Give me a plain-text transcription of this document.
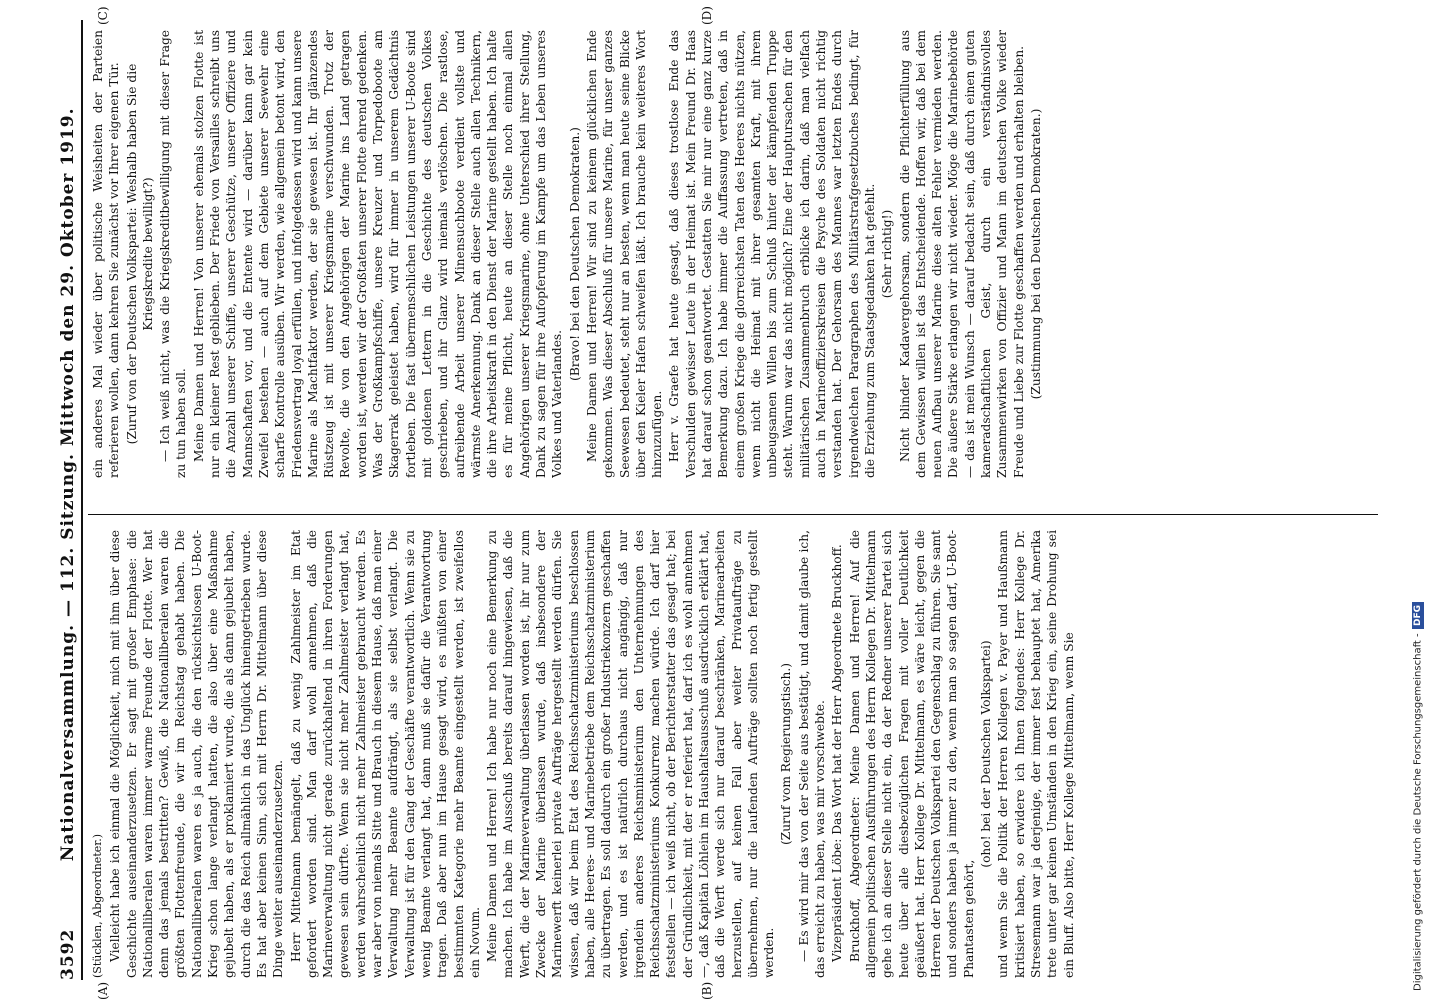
3592
Nationalversammlung. — 112. Sitzung. Mittwoch den 29. Oktober 1919.
(A)	(B)
(C)	(D)

(Stücklen, Abgeordneter.) Vielleicht habe ich einmal die Möglichkeit, mich mit ihm über diese Geschichte auseinanderzusetzen. Er sagt mit großer Emphase: die Nationalliberalen waren immer warme Freunde der Flotte. Wer hat denn das jemals bestritten? Gewiß, die Nationalliberalen waren die größten Flottenfreunde, die wir im Reichstag gehabt haben. Die Nationalliberalen waren es ja auch, die den rücksichtslosen U-Boot-Krieg schon lange verlangt hatten, die also über eine Maßnahme gejubelt haben, als er proklamiert wurde, die als dann gejubelt haben, durch die das Reich allmählich in das Unglück hineingetrieben wurde. Es hat aber keinen Sinn, sich mit Herrn Dr. Mittelmann über diese Dinge weiter auseinanderzusetzen. Herr Mittelmann bemängelt, daß zu wenig Zahlmeister im Etat gefordert worden sind. Man darf wohl annehmen, daß die Marineverwaltung nicht gerade zurückhaltend in ihren Forderungen gewesen sein dürfte. Wenn sie nicht mehr Zahlmeister verlangt hat, werden wahrscheinlich nicht mehr Zahlmeister gebraucht werden. Es war aber von niemals Sitte und Brauch in diesem Hause, daß man einer Verwaltung mehr Beamte aufdrängt, als sie selbst verlangt. Die Verwaltung ist für den Gang der Geschäfte verantwortlich. Wenn sie zu wenig Beamte verlangt hat, dann muß sie dafür die Verantwortung tragen. Daß aber nun im Hause gesagt wird, es müßten von einer bestimmten Kategorie mehr Beamte eingestellt werden, ist zweifellos ein Novum. Meine Damen und Herren! Ich habe nur noch eine Bemerkung zu machen. Ich habe im Ausschuß bereits darauf hingewiesen, daß die Werft, die der Marineverwaltung überlassen worden ist, ihr nur zum Zwecke der Marine überlassen wurde, daß insbesondere der Marinewerft keinerlei private Aufträge hergestellt werden dürfen. Sie wissen, daß wir beim Etat des Reichsschatzministeriums beschlossen haben, alle Heeres- und Marinebetriebe dem Reichsschatzministerium zu übertragen. Es soll dadurch ein großer Industriekonzern geschaffen werden, und es ist natürlich durchaus nicht angängig, daß nur irgendein anderes Reichsministerium den Unternehmungen des Reichsschatzministeriums Konkurrenz machen würde. Ich darf hier feststellen — ich weiß nicht, ob der Berichterstatter das gesagt hat; bei der Gründlichkeit, mit der er referiert hat, darf ich es wohl annehmen —, daß Kapitän Löhlein im Haushaltsausschuß ausdrücklich erklärt hat, daß die Werft werde sich nur darauf beschränken, Marinearbeiten herzustellen, auf keinen Fall aber weiter Privataufträge zu übernehmen, nur die laufenden Aufträge sollten noch fertig gestellt werden.

(Zuruf vom Regierungstisch.) — Es wird mir das von der Seite aus bestätigt, und damit glaube ich, das erreicht zu haben, was mir vorschwebte. Vizepräsident Löbe: Das Wort hat der Herr Abgeordnete Bruckhoff. Bruckhoff, Abgeordneter: Meine Damen und Herren! Auf die allgemein politischen Ausführungen des Herrn Kollegen Dr. Mittelmann gehe ich an dieser Stelle nicht ein, da der Redner unserer Partei sich heute über alle diesbezüglichen Fragen mit voller Deutlichkeit geäußert hat. Herr Kollege Dr. Mittelmann, es wäre leicht, gegen die Herren der Deutschen Volkspartei den Gegenschlag zu führen. Sie samt und sonders haben ja immer zu den, wenn man so sagen darf, U-Boot-Phantasten gehört,

(oho! bei der Deutschen Volkspartei) und wenn Sie die Politik der Herren Kollegen v. Payer und Haußmann kritisiert haben, so erwidere ich Ihnen folgendes: Herr Kollege Dr. Stresemann war ja derjenige, der immer fest behauptet hat, Amerika trete unter gar keinen Umständen in den Krieg ein, seine Drohung sei ein Bluff. Also bitte, Herr Kollege Mittelmann, wenn Sie

ein anderes Mal wieder über politische Weisheiten der Parteien referieren wollen, dann kehren Sie zunächst vor Ihrer eigenen Tür. (Zuruf von der Deutschen Volkspartei: Weshalb haben Sie die Kriegskredite bewilligt?) — Ich weiß nicht, was die Kriegskreditbewilligung mit dieser Frage zu tun haben soll. Meine Damen und Herren! Von unserer ehemals stolzen Flotte ist nur ein kleiner Rest geblieben. Der Friede von Versailles schreibt uns die Anzahl unserer Schiffe, unserer Geschütze, unserer Offiziere und Mannschaften vor, und die Entente wird — darüber kann gar kein Zweifel bestehen — auch auf dem Gebiete unserer Seewehr eine scharfe Kontrolle ausüben. Wir werden, wie allgemein betont wird, den Friedensvertrag loyal erfüllen, und infolgedessen wird und kann unsere Marine als Machtfaktor werden, der sie gewesen ist. Ihr glänzendes Rüstzeug ist mit unserer Kriegsmarine verschwunden. Trotz der Revolte, die von den Angehörigen der Marine ins Land getragen worden ist, werden wir der Großtaten unserer Flotte ehrend gedenken. Was der Großkampfschiffe, unsere Kreuzer und Torpedoboote am Skagerrak geleistet haben, wird für immer in unserem Gedächtnis fortleben. Die fast übermenschlichen Leistungen unserer U-Boote sind mit goldenen Lettern in die Geschichte des deutschen Volkes geschrieben, und ihr Glanz wird niemals verlöschen. Die rastlose, aufreibende Arbeit unserer Minensuchboote verdient vollste und wärmste Anerkennung. Dank an dieser Stelle auch allen Technikern, die ihre Arbeitskraft in den Dienst der Marine gestellt haben. Ich halte es für meine Pflicht, heute an dieser Stelle noch einmal allen Angehörigen unserer Kriegsmarine, ohne Unterschied ihrer Stellung, Dank zu sagen für ihre Aufopferung im Kampfe um das Leben unseres Volkes und Vaterlandes.

(Bravo! bei den Deutschen Demokraten.) Meine Damen und Herren! Wir sind zu keinem glücklichen Ende gekommen. Was dieser Abschluß für unsere Marine, für unser ganzes Seewesen bedeutet, steht nur an besten, wenn man heute seine Blicke über den Kieler Hafen schweifen läßt. Ich brauche kein weiteres Wort hinzuzufügen. Herr v. Graefe hat heute gesagt, daß dieses trostlose Ende das Verschulden gewisser Leute in der Heimat ist. Mein Freund Dr. Haas hat darauf schon geantwortet. Gestatten Sie mir nur eine ganz kurze Bemerkung dazu. Ich habe immer die Auffassung vertreten, daß in einem großen Kriege die glorreichsten Taten des Heeres nichts nützen, wenn nicht die Heimat mit ihrer gesamten Kraft, mit ihrem unbeugsamen Willen bis zum Schluß hinter der kämpfenden Truppe steht. Warum war das nicht möglich? Eine der Hauptursachen für den militärischen Zusammenbruch erblicke ich darin, daß man vielfach auch in Marineoffizierskreisen die Psyche des Soldaten nicht richtig verstanden hat. Der Gehorsam des Mannes war letzten Endes durch irgendwelchen Paragraphen des Militärstrafgesetzbuches bedingt, für die Erziehung zum Staatsgedanken hat gefehlt. (Sehr richtig!) Nicht blinder Kadavergehorsam, sondern die Pflichterfüllung aus dem Gewissen willen ist das Entscheidende. Hoffen wir, daß bei dem neuen Aufbau unserer Marine diese alten Fehler vermieden werden. Die äußere Stärke erlangen wir nicht wieder. Möge die Marinebehörde — das ist mein Wunsch — darauf bedacht sein, daß durch einen guten kameradschaftlichen Geist, durch ein verständnisvolles Zusammenwirken von Offizier und Mann im deutschen Volke wieder Freude und Liebe zur Flotte geschaffen werden und erhalten bleiben. (Zustimmung bei den Deutschen Demokraten.)

Digitalisierung gefördert durch die Deutsche Forschungsgemeinschaft -
DFG
